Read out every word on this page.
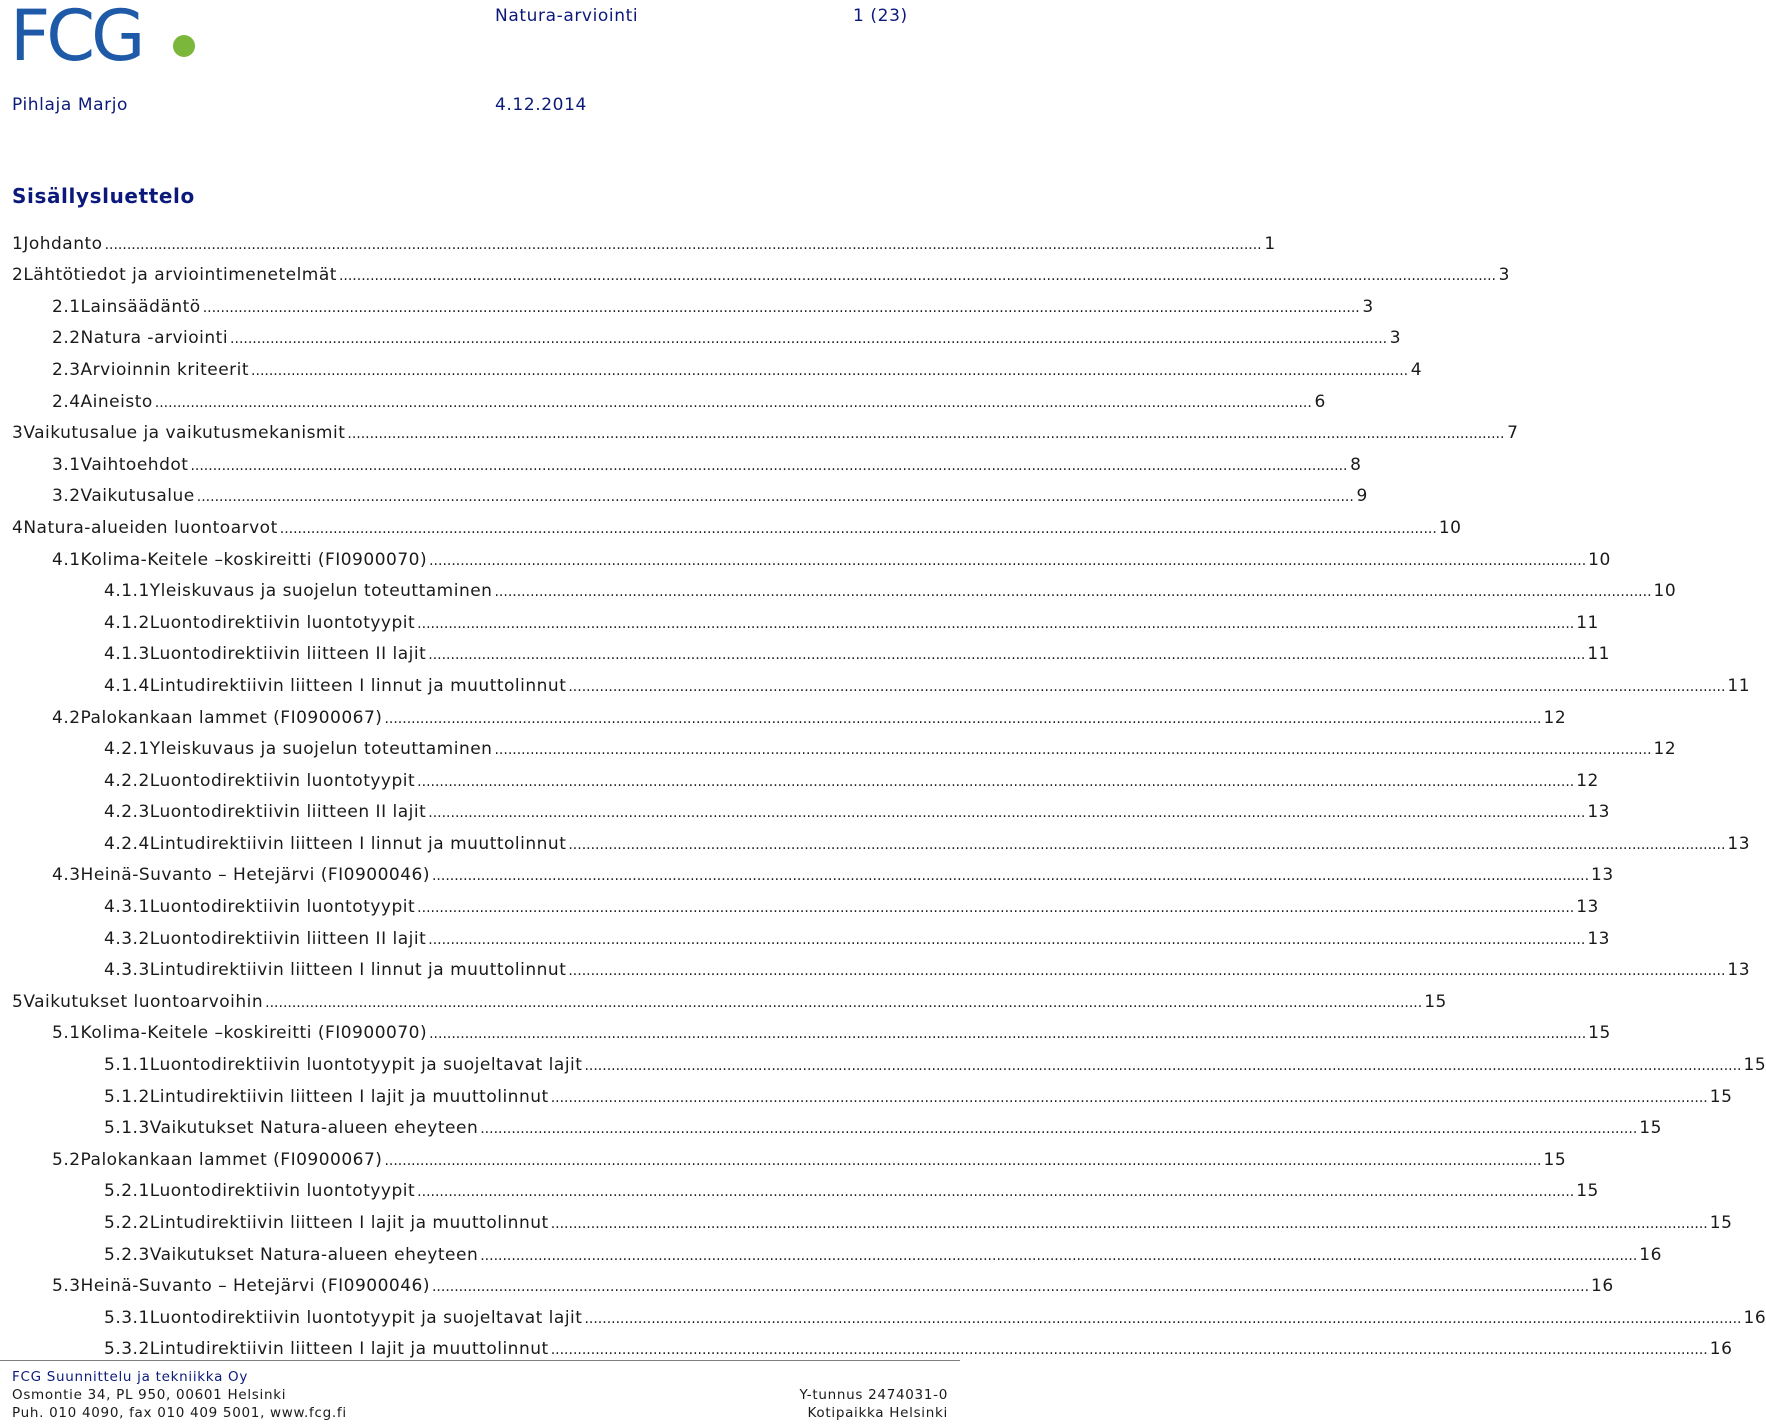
FCG	Natura-arviointi	1 (23)
Pihlaja Marjo	4.12.2014
Sisällysluettelo
1 Johdanto .................................................................................................................................................................................................................................................................... 1
2 Lähtötiedot ja arviointimenetelmät .................................................................................................................................................................................................................................................................... 3
2.1 Lainsäädäntö .................................................................................................................................................................................................................................................................... 3
2.2 Natura -arviointi .................................................................................................................................................................................................................................................................... 3
2.3 Arvioinnin kriteerit .................................................................................................................................................................................................................................................................... 4
2.4 Aineisto .................................................................................................................................................................................................................................................................... 6
3 Vaikutusalue ja vaikutusmekanismit .................................................................................................................................................................................................................................................................... 7
3.1 Vaihtoehdot .................................................................................................................................................................................................................................................................... 8
3.2 Vaikutusalue .................................................................................................................................................................................................................................................................... 9
4 Natura-alueiden luontoarvot .................................................................................................................................................................................................................................................................... 10
4.1 Kolima-Keitele –koskireitti (FI0900070) .................................................................................................................................................................................................................................................................... 10
4.1.1 Yleiskuvaus ja suojelun toteuttaminen .................................................................................................................................................................................................................................................................... 10
4.1.2 Luontodirektiivin luontotyypit .................................................................................................................................................................................................................................................................... 11
4.1.3 Luontodirektiivin liitteen II lajit .................................................................................................................................................................................................................................................................... 11
4.1.4 Lintudirektiivin liitteen I linnut ja muuttolinnut .................................................................................................................................................................................................................................................................... 11
4.2 Palokankaan lammet (FI0900067) .................................................................................................................................................................................................................................................................... 12
4.2.1 Yleiskuvaus ja suojelun toteuttaminen .................................................................................................................................................................................................................................................................... 12
4.2.2 Luontodirektiivin luontotyypit .................................................................................................................................................................................................................................................................... 12
4.2.3 Luontodirektiivin liitteen II lajit .................................................................................................................................................................................................................................................................... 13
4.2.4 Lintudirektiivin liitteen I linnut ja muuttolinnut .................................................................................................................................................................................................................................................................... 13
4.3 Heinä-Suvanto – Hetejärvi (FI0900046) .................................................................................................................................................................................................................................................................... 13
4.3.1 Luontodirektiivin luontotyypit .................................................................................................................................................................................................................................................................... 13
4.3.2 Luontodirektiivin liitteen II lajit .................................................................................................................................................................................................................................................................... 13
4.3.3 Lintudirektiivin liitteen I linnut ja muuttolinnut .................................................................................................................................................................................................................................................................... 13
5 Vaikutukset luontoarvoihin .................................................................................................................................................................................................................................................................... 15
5.1 Kolima-Keitele –koskireitti (FI0900070) .................................................................................................................................................................................................................................................................... 15
5.1.1 Luontodirektiivin luontotyypit ja suojeltavat lajit .................................................................................................................................................................................................................................................................... 15
5.1.2 Lintudirektiivin liitteen I lajit ja muuttolinnut .................................................................................................................................................................................................................................................................... 15
5.1.3 Vaikutukset Natura-alueen eheyteen .................................................................................................................................................................................................................................................................... 15
5.2 Palokankaan lammet (FI0900067) .................................................................................................................................................................................................................................................................... 15
5.2.1 Luontodirektiivin luontotyypit .................................................................................................................................................................................................................................................................... 15
5.2.2 Lintudirektiivin liitteen I lajit ja muuttolinnut .................................................................................................................................................................................................................................................................... 15
5.2.3 Vaikutukset Natura-alueen eheyteen .................................................................................................................................................................................................................................................................... 16
5.3 Heinä-Suvanto – Hetejärvi (FI0900046) .................................................................................................................................................................................................................................................................... 16
5.3.1 Luontodirektiivin luontotyypit ja suojeltavat lajit .................................................................................................................................................................................................................................................................... 16
5.3.2 Lintudirektiivin liitteen I lajit ja muuttolinnut .................................................................................................................................................................................................................................................................... 16
FCG Suunnittelu ja tekniikka Oy
Osmontie 34, PL 950, 00601 Helsinki
Puh. 010 4090, fax 010 409 5001, www.fcg.fi
Y-tunnus 2474031-0
Kotipaikka Helsinki
